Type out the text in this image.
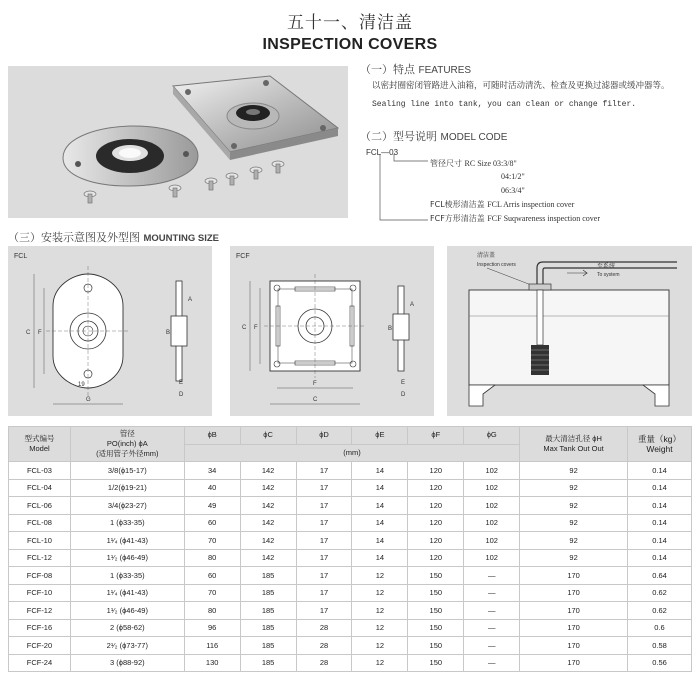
五十一、清洁盖
INSPECTION COVERS
（一）特点 FEATURES
以密封圈密闭管路进入油箱，可随时活动清洗、检查及更换过滤器或缓冲器等。
Sealing line into tank, you can clean or change filter.
（二）型号说明 MODEL CODE
FCL—03
管径尺寸 RC Size 03:3/8"
04:1/2"
06:3/4"
FCL棱形清洁盖 FCL Arris inspection cover
FCF方形清洁盖 FCF Suqwareness inspection cover
（三）安装示意图及外型图 MOUNTING SIZE
FCL
C F
G
19
B
A
E
D
FCF
C F
C
F
B
A
E
D
清洁盖
Inspection covers	至系统
To system
型式编号
Model	管径
PO(inch) ϕA
(适用管子外径mm)	ϕB	ϕC	ϕD	ϕE	ϕF	ϕG	最大清洁孔径 ϕH
Max Tank Out Out	重量（kg）
Weight
		(mm)							
FCL-03	3/8(ϕ15-17)	34	142	17	14	120	102	92	0.14
FCL-04	1/2(ϕ19-21)	40	142	17	14	120	102	92	0.14
FCL-06	3/4(ϕ23-27)	49	142	17	14	120	102	92	0.14
FCL-08	1 (ϕ33-35)	60	142	17	14	120	102	92	0.14
FCL-10	1¹⁄₄ (ϕ41-43)	70	142	17	14	120	102	92	0.14
FCL-12	1¹⁄₂ (ϕ46-49)	80	142	17	14	120	102	92	0.14
FCF-08	1 (ϕ33-35)	60	185	17	12	150	—	170	0.64
FCF-10	1¹⁄₄ (ϕ41-43)	70	185	17	12	150	—	170	0.62
FCF-12	1¹⁄₂ (ϕ46-49)	80	185	17	12	150	—	170	0.62
FCF-16	2 (ϕ58-62)	96	185	28	12	150	—	170	0.6
FCF-20	2¹⁄₂ (ϕ73-77)	116	185	28	12	150	—	170	0.58
FCF-24	3 (ϕ88-92)	130	185	28	12	150	—	170	0.56
